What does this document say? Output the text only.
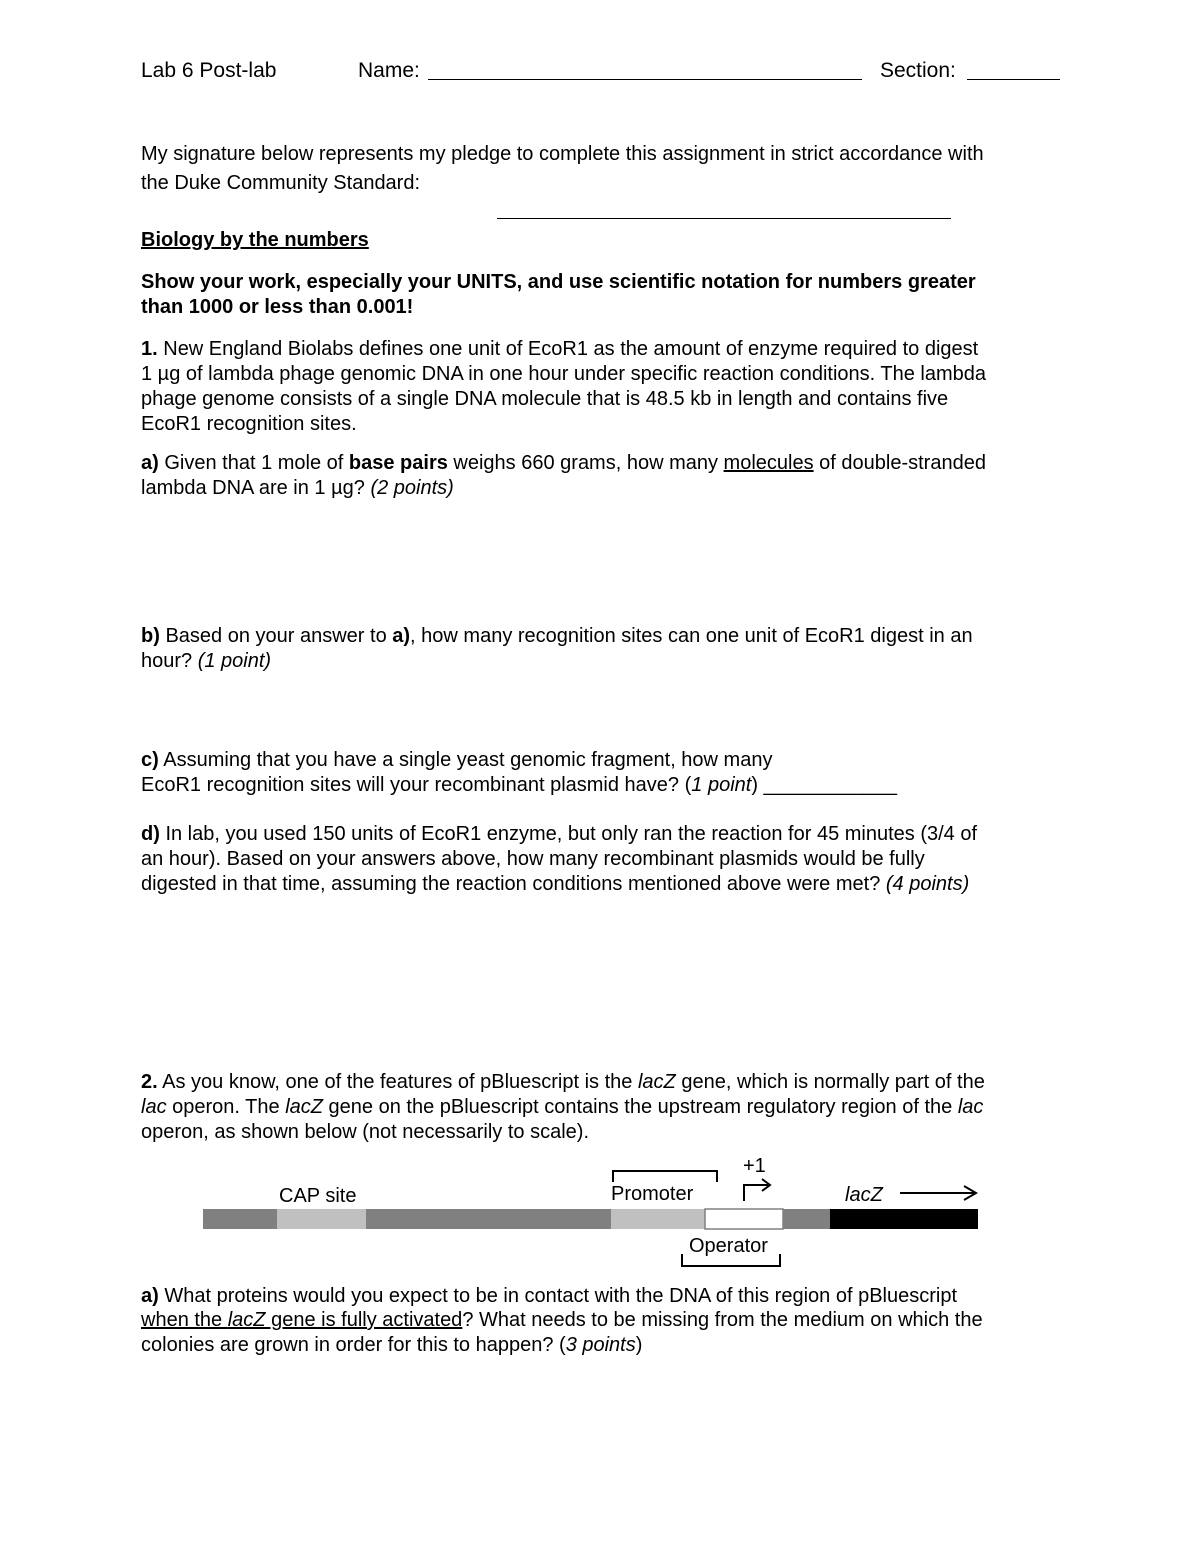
Lab 6 Post-lab	Name:	Section:
My signature below represents my pledge to complete this assignment in strict accordance with
the Duke Community Standard:
Biology by the numbers
Show your work, especially your UNITS, and use scientific notation for numbers greater
than 1000 or less than 0.001!
1. New England Biolabs defines one unit of EcoR1 as the amount of enzyme required to digest
1 µg of lambda phage genomic DNA in one hour under specific reaction conditions. The lambda
phage genome consists of a single DNA molecule that is 48.5 kb in length and contains five
EcoR1 recognition sites.
a) Given that 1 mole of base pairs weighs 660 grams, how many molecules of double-stranded
lambda DNA are in 1 µg? (2 points)
b) Based on your answer to a), how many recognition sites can one unit of EcoR1 digest in an
hour? (1 point)
c) Assuming that you have a single yeast genomic fragment, how many
EcoR1 recognition sites will your recombinant plasmid have? (1 point) ____________
d) In lab, you used 150 units of EcoR1 enzyme, but only ran the reaction for 45 minutes (3/4 of
an hour). Based on your answers above, how many recombinant plasmids would be fully
digested in that time, assuming the reaction conditions mentioned above were met? (4 points)
2. As you know, one of the features of pBluescript is the lacZ gene, which is normally part of the
lac operon. The lacZ gene on the pBluescript contains the upstream regulatory region of the lac
operon, as shown below (not necessarily to scale).
CAP site	Promoter
+1
lacZ
Operator
a) What proteins would you expect to be in contact with the DNA of this region of pBluescript
when the lacZ gene is fully activated? What needs to be missing from the medium on which the
colonies are grown in order for this to happen? (3 points)
